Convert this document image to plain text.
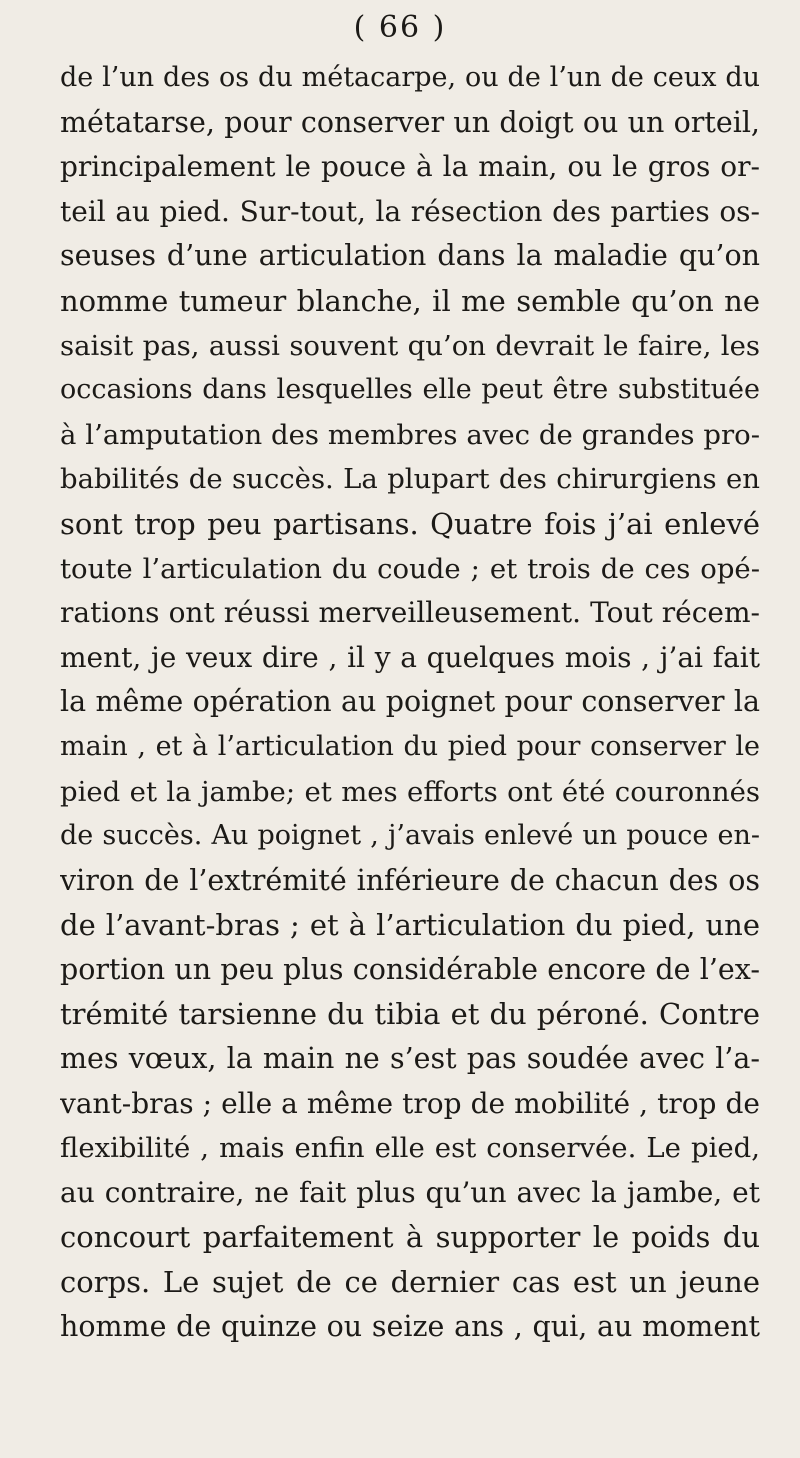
( 66 )
de l’un des os du métacarpe, ou de l’un de ceux du
métatarse, pour conserver un doigt ou un orteil,
principalement le pouce à la main, ou le gros or-
teil au pied. Sur-tout, la résection des parties os-
seuses d’une articulation dans la maladie qu’on
nomme tumeur blanche, il me semble qu’on ne
saisit pas, aussi souvent qu’on devrait le faire, les
occasions dans lesquelles elle peut être substituée
à l’amputation des membres avec de grandes pro-
babilités de succès. La plupart des chirurgiens en
sont trop peu partisans. Quatre fois j’ai enlevé
toute l’articulation du coude ; et trois de ces opé-
rations ont réussi merveilleusement. Tout récem-
ment, je veux dire , il y a quelques mois , j’ai fait
la même opération au poignet pour conserver la
main , et à l’articulation du pied pour conserver le
pied et la jambe; et mes efforts ont été couronnés
de succès. Au poignet , j’avais enlevé un pouce en-
viron de l’extrémité inférieure de chacun des os
de l’avant-bras ; et à l’articulation du pied, une
portion un peu plus considérable encore de l’ex-
trémité tarsienne du tibia et du péroné. Contre
mes vœux, la main ne s’est pas soudée avec l’a-
vant-bras ; elle a même trop de mobilité , trop de
flexibilité , mais enfin elle est conservée. Le pied,
au contraire, ne fait plus qu’un avec la jambe, et
concourt parfaitement à supporter le poids du
corps. Le sujet de ce dernier cas est un jeune
homme de quinze ou seize ans , qui, au moment
